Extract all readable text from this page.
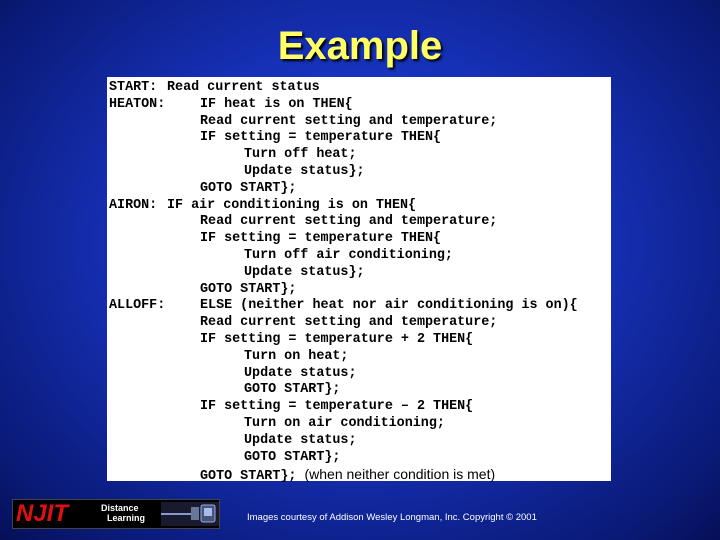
Example
START: Read current status
HEATON:	IF heat is on THEN{
Read current setting and temperature;
IF setting = temperature THEN{
Turn off heat;
Update status};
GOTO START};
AIRON: IF air conditioning is on THEN{
Read current setting and temperature;
IF setting = temperature THEN{
Turn off air conditioning;
Update status};
GOTO START};
ALLOFF:	ELSE (neither heat nor air conditioning is on){
Read current setting and temperature;
IF setting = temperature + 2 THEN{
Turn on heat;
Update status;
GOTO START};
IF setting = temperature – 2 THEN{
Turn on air conditioning;
Update status;
GOTO START};
GOTO START}; (when neither condition is met)
NJIT	Distance
Learning	Images courtesy of Addison Wesley Longman, Inc. Copyright © 2001
